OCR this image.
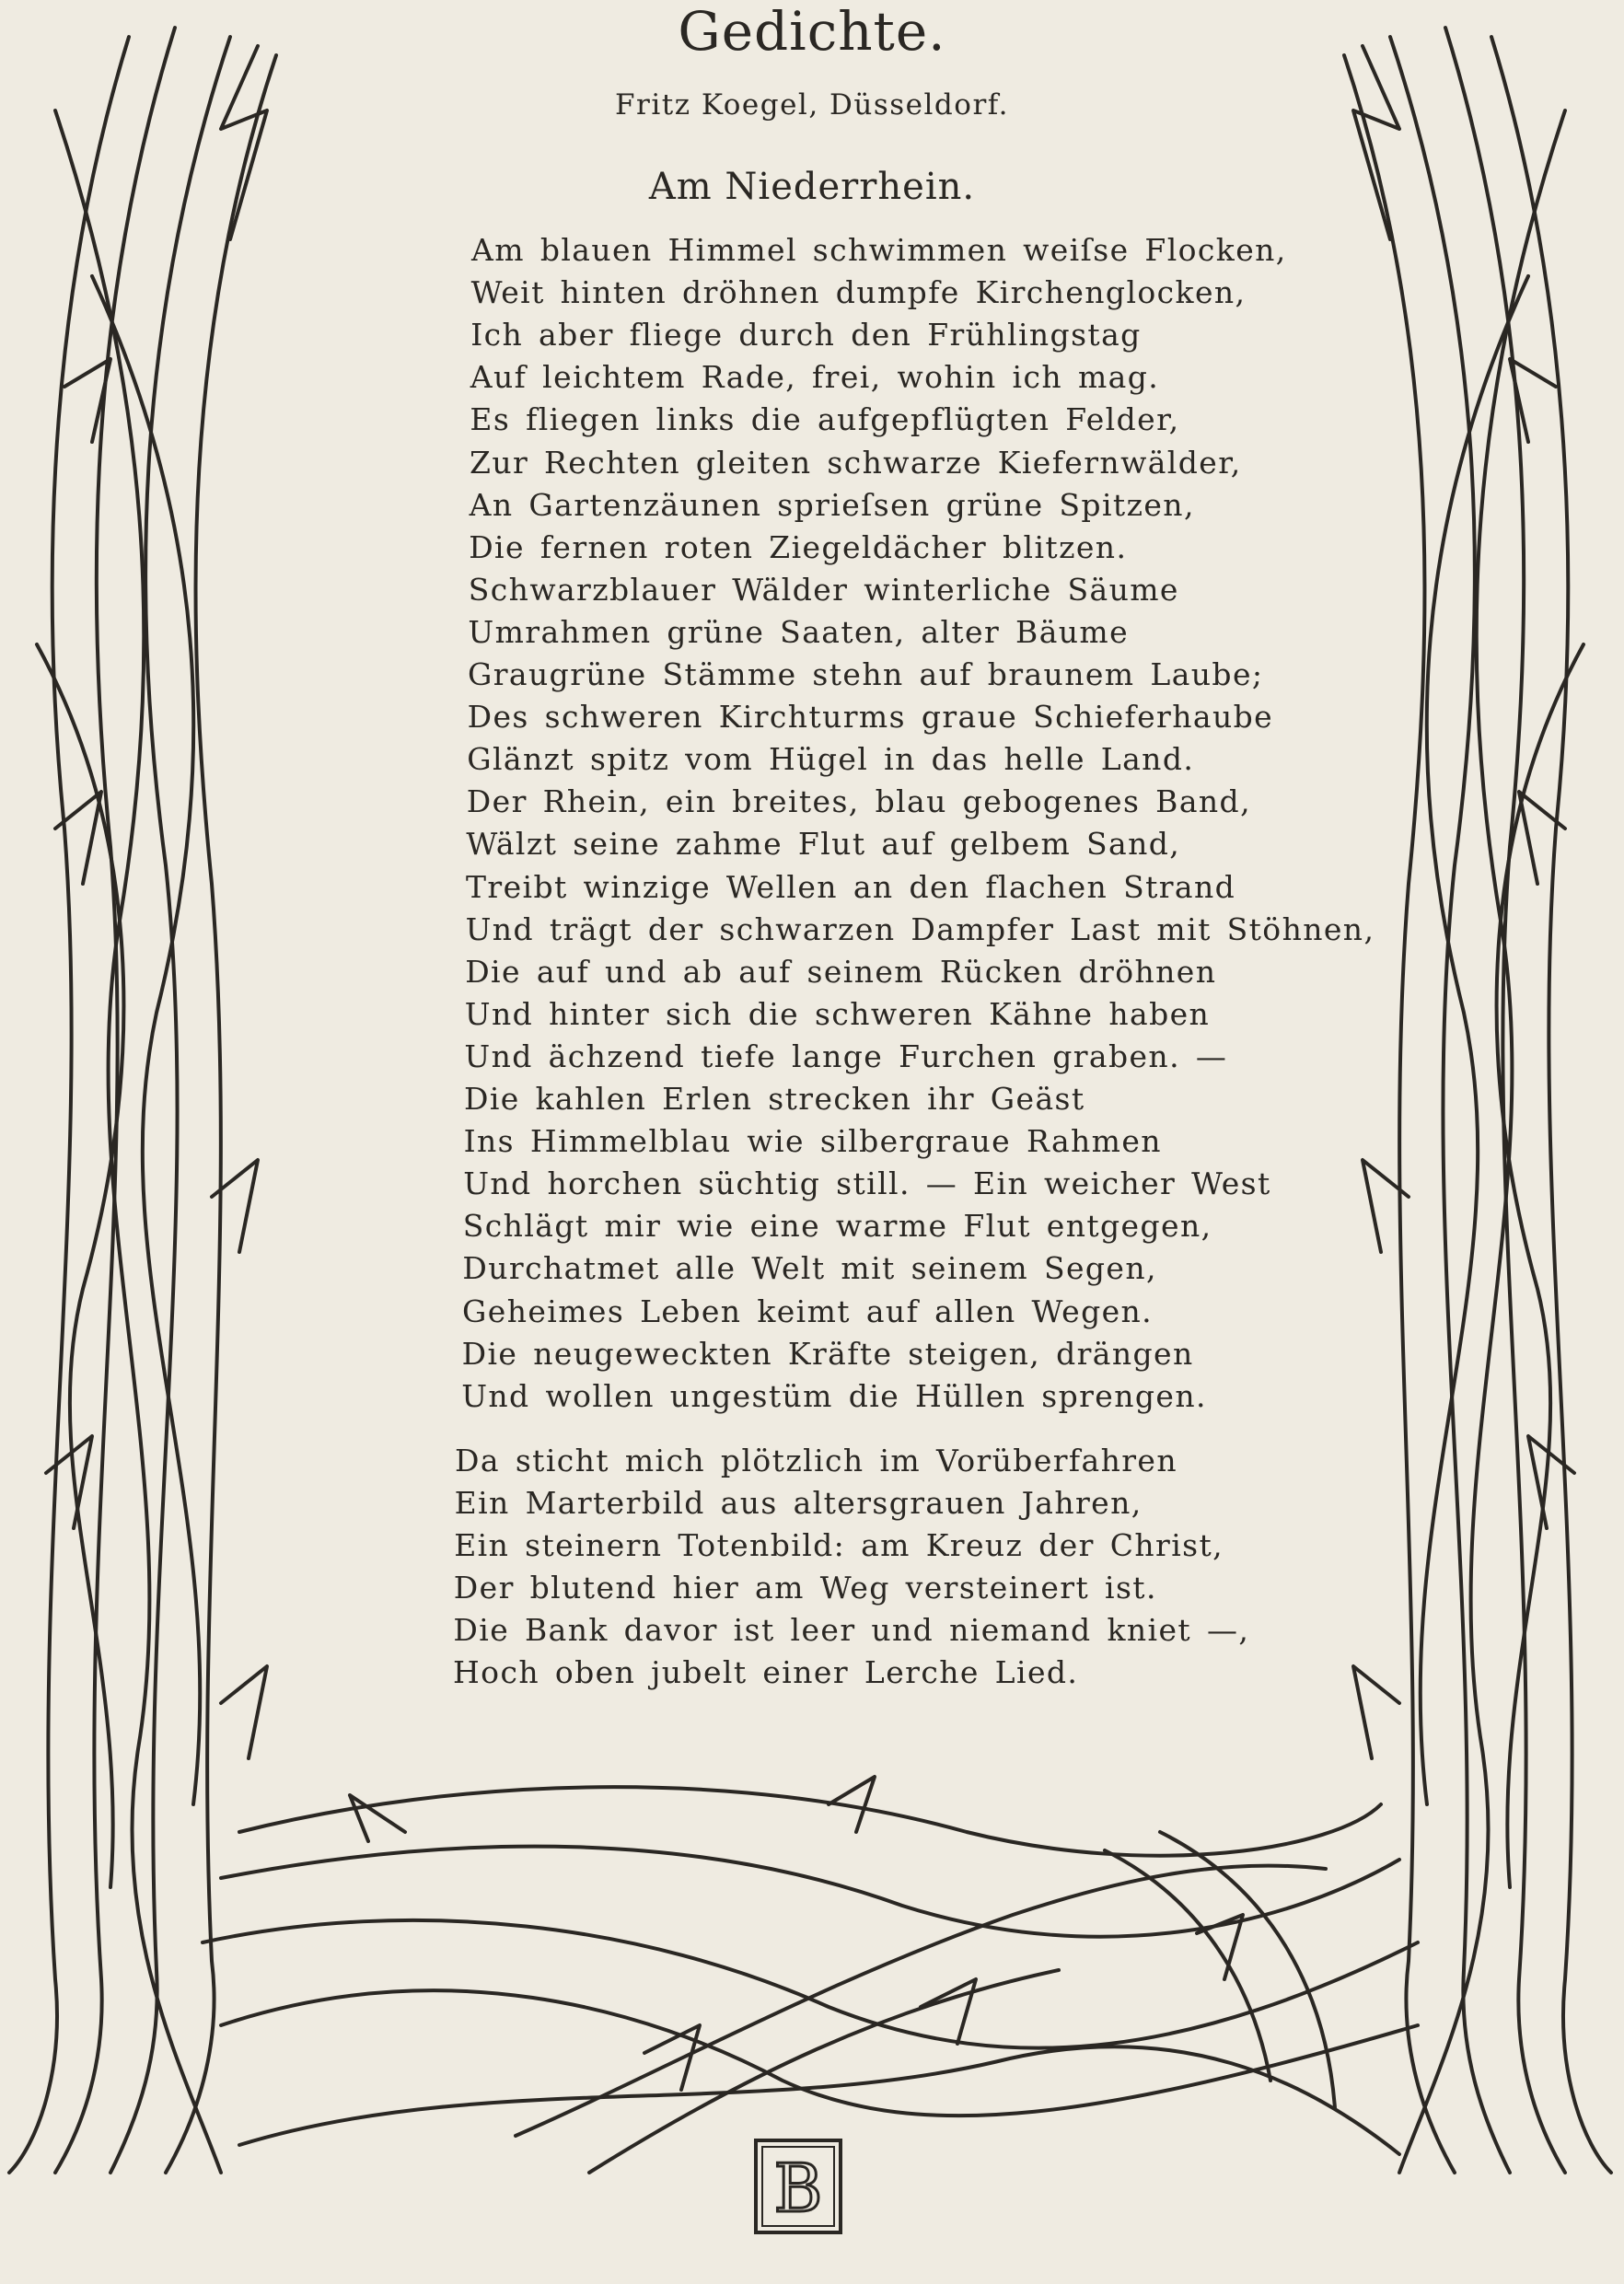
Gedichte.
Fritz Koegel, Düsseldorf.
Am Niederrhein.
Am blauen Himmel schwimmen weiſse Flocken,
Weit hinten dröhnen dumpfe Kirchenglocken,
Ich aber fliege durch den Frühlingstag
Auf leichtem Rade, frei, wohin ich mag.
Es fliegen links die aufgepflügten Felder,
Zur Rechten gleiten schwarze Kiefernwälder,
An Gartenzäunen sprieſsen grüne Spitzen,
Die fernen roten Ziegeldächer blitzen.
Schwarzblauer Wälder winterliche Säume
Umrahmen grüne Saaten, alter Bäume
Graugrüne Stämme stehn auf braunem Laube;
Des schweren Kirchturms graue Schieferhaube
Glänzt spitz vom Hügel in das helle Land.
Der Rhein, ein breites, blau gebogenes Band,
Wälzt seine zahme Flut auf gelbem Sand,
Treibt winzige Wellen an den flachen Strand
Und trägt der schwarzen Dampfer Last mit Stöhnen,
Die auf und ab auf seinem Rücken dröhnen
Und hinter sich die schweren Kähne haben
Und ächzend tiefe lange Furchen graben. —
Die kahlen Erlen strecken ihr Geäst
Ins Himmelblau wie silbergraue Rahmen
Und horchen süchtig still. — Ein weicher West
Schlägt mir wie eine warme Flut entgegen,
Durchatmet alle Welt mit seinem Segen,
Geheimes Leben keimt auf allen Wegen.
Die neugeweckten Kräfte steigen, drängen
Und wollen ungestüm die Hüllen sprengen.
Da sticht mich plötzlich im Vorüberfahren
Ein Marterbild aus altersgrauen Jahren,
Ein steinern Totenbild: am Kreuz der Christ,
Der blutend hier am Weg versteinert ist.
Die Bank davor ist leer und niemand kniet —,
Hoch oben jubelt einer Lerche Lied.
B
